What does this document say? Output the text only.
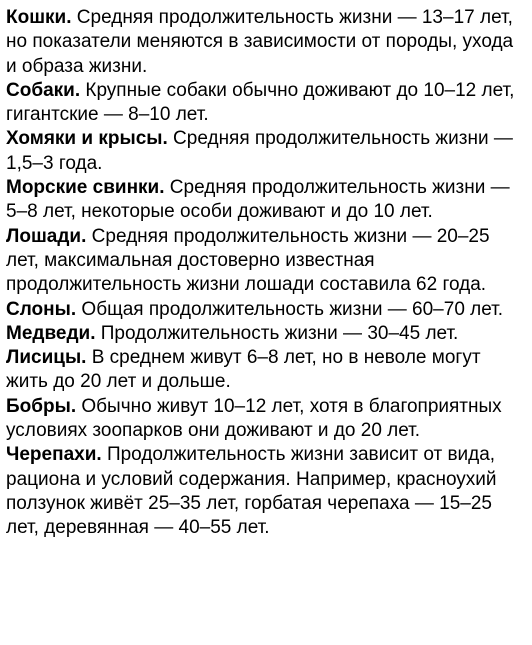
Кошки. Средняя продолжительность жизни — 13–17 лет, но показатели меняются в зависимости от породы, ухода и образа жизни.

Собаки. Крупные собаки обычно доживают до 10–12 лет, гигантские — 8–10 лет.

Хомяки и крысы. Средняя продолжительность жизни — 1,5–3 года.

Морские свинки. Средняя продолжительность жизни — 5–8 лет, некоторые особи доживают и до 10 лет.

Лошади. Средняя продолжительность жизни — 20–25 лет, максимальная достоверно известная продолжительность жизни лошади составила 62 года.

Слоны. Общая продолжительность жизни — 60–70 лет.

Медведи. Продолжительность жизни — 30–45 лет.

Лисицы. В среднем живут 6–8 лет, но в неволе могут жить до 20 лет и дольше.

Бобры. Обычно живут 10–12 лет, хотя в благоприятных условиях зоопарков они доживают и до 20 лет.

Черепахи. Продолжительность жизни зависит от вида, рациона и условий содержания. Например, красноухий ползунок живёт 25–35 лет, горбатая черепаха — 15–25 лет, деревянная — 40–55 лет.
